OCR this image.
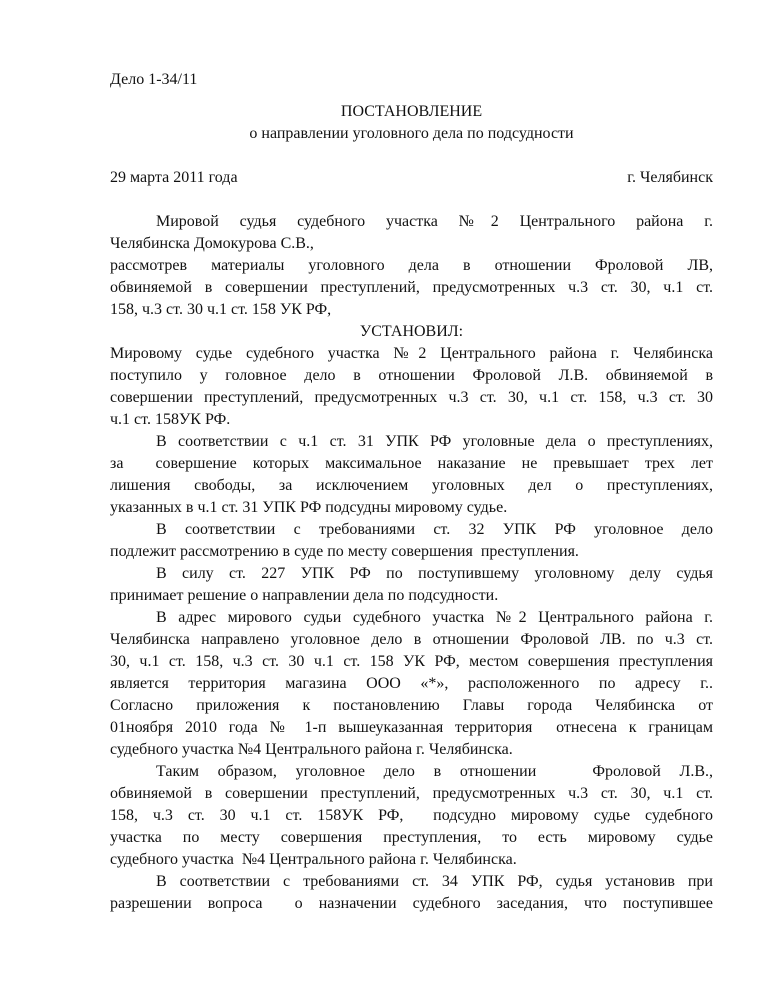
Дело 1-34/11
ПОСТАНОВЛЕНИЕ
о направлении уголовного дела по подсудности
29 марта 2011 года	г. Челябинск
Мировой судья судебного участка №2 Центрального района г.
Челябинска Домокурова С.В.,
рассмотрев материалы уголовного дела в отношении Фроловой ЛВ,
обвиняемой в совершении преступлений, предусмотренных ч.3 ст. 30, ч.1 ст.
158, ч.3 ст. 30 ч.1 ст. 158 УК РФ,
УСТАНОВИЛ:
Мировому судье судебного участка №2 Центрального района г. Челябинска
поступило у головное дело в отношении Фроловой Л.В. обвиняемой в
совершении преступлений, предусмотренных ч.3 ст. 30, ч.1 ст. 158, ч.3 ст. 30
ч.1 ст. 158УК РФ.
В соответствии с ч.1 ст. 31 УПК РФ уголовные дела о преступлениях,
за  совершение которых максимальное наказание не превышает трех лет
лишения свободы, за исключением уголовных дел о преступлениях,
указанных в ч.1 ст. 31 УПК РФ подсудны мировому судье.
В соответствии с требованиями ст. 32 УПК РФ уголовное дело
подлежит рассмотрению в суде по месту совершения  преступления.
В силу ст. 227 УПК РФ по поступившему уголовному делу судья
принимает решение о направлении дела по подсудности.
В адрес мирового судьи судебного участка №2 Центрального района г.
Челябинска направлено уголовное дело в отношении Фроловой ЛВ. по ч.3 ст.
30, ч.1 ст. 158, ч.3 ст. 30 ч.1 ст. 158 УК РФ, местом совершения преступления
является территория магазина ООО «*», расположенного по адресу г..
Согласно приложения к постановлению Главы города Челябинска от
01ноября 2010 года № 1-п вышеуказанная территория  отнесена к границам
судебного участка №4 Центрального района г. Челябинска.
Таким образом, уголовное дело в отношении   Фроловой Л.В.,
обвиняемой в совершении преступлений, предусмотренных ч.3 ст. 30, ч.1 ст.
158, ч.3 ст. 30 ч.1 ст. 158УК РФ,  подсудно мировому судье судебного
участка по месту совершения преступления, то есть мировому судье
судебного участка  №4 Центрального района г. Челябинска.
В соответствии с требованиями ст. 34 УПК РФ, судья установив при
разрешении вопроса  о назначении судебного заседания, что поступившее
